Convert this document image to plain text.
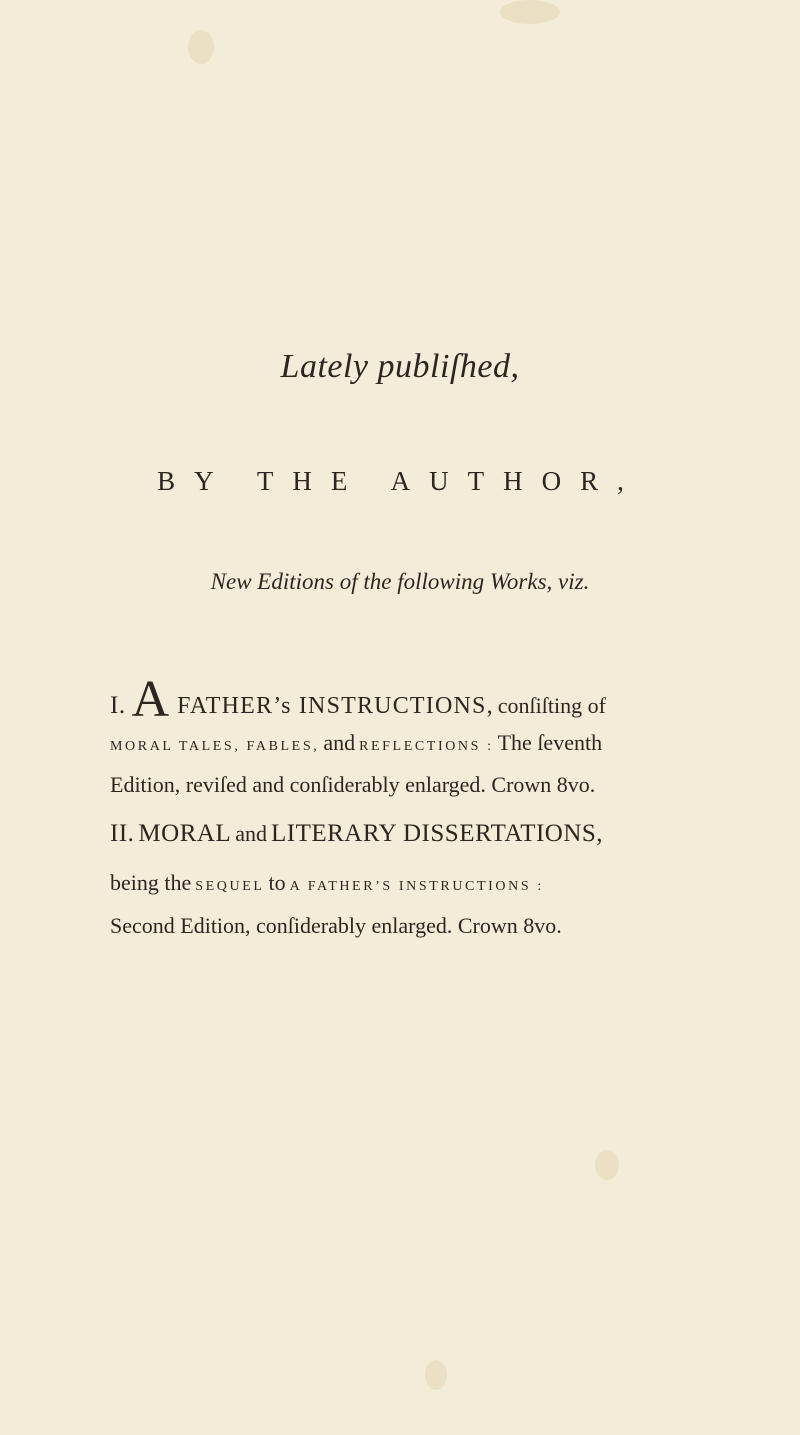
Lately publiſhed,
BY THE AUTHOR,
New Editions of the following Works, viz.
I. A FATHER’s INSTRUCTIONS, conſiſting of
MORAL TALES, FABLES, and REFLECTIONS : The ſeventh
Edition, reviſed and conſiderably enlarged. Crown 8vo.
II. MORAL and LITERARY DISSERTATIONS,
being the SEQUEL to A FATHER’S INSTRUCTIONS :
Second Edition, conſiderably enlarged. Crown 8vo.
